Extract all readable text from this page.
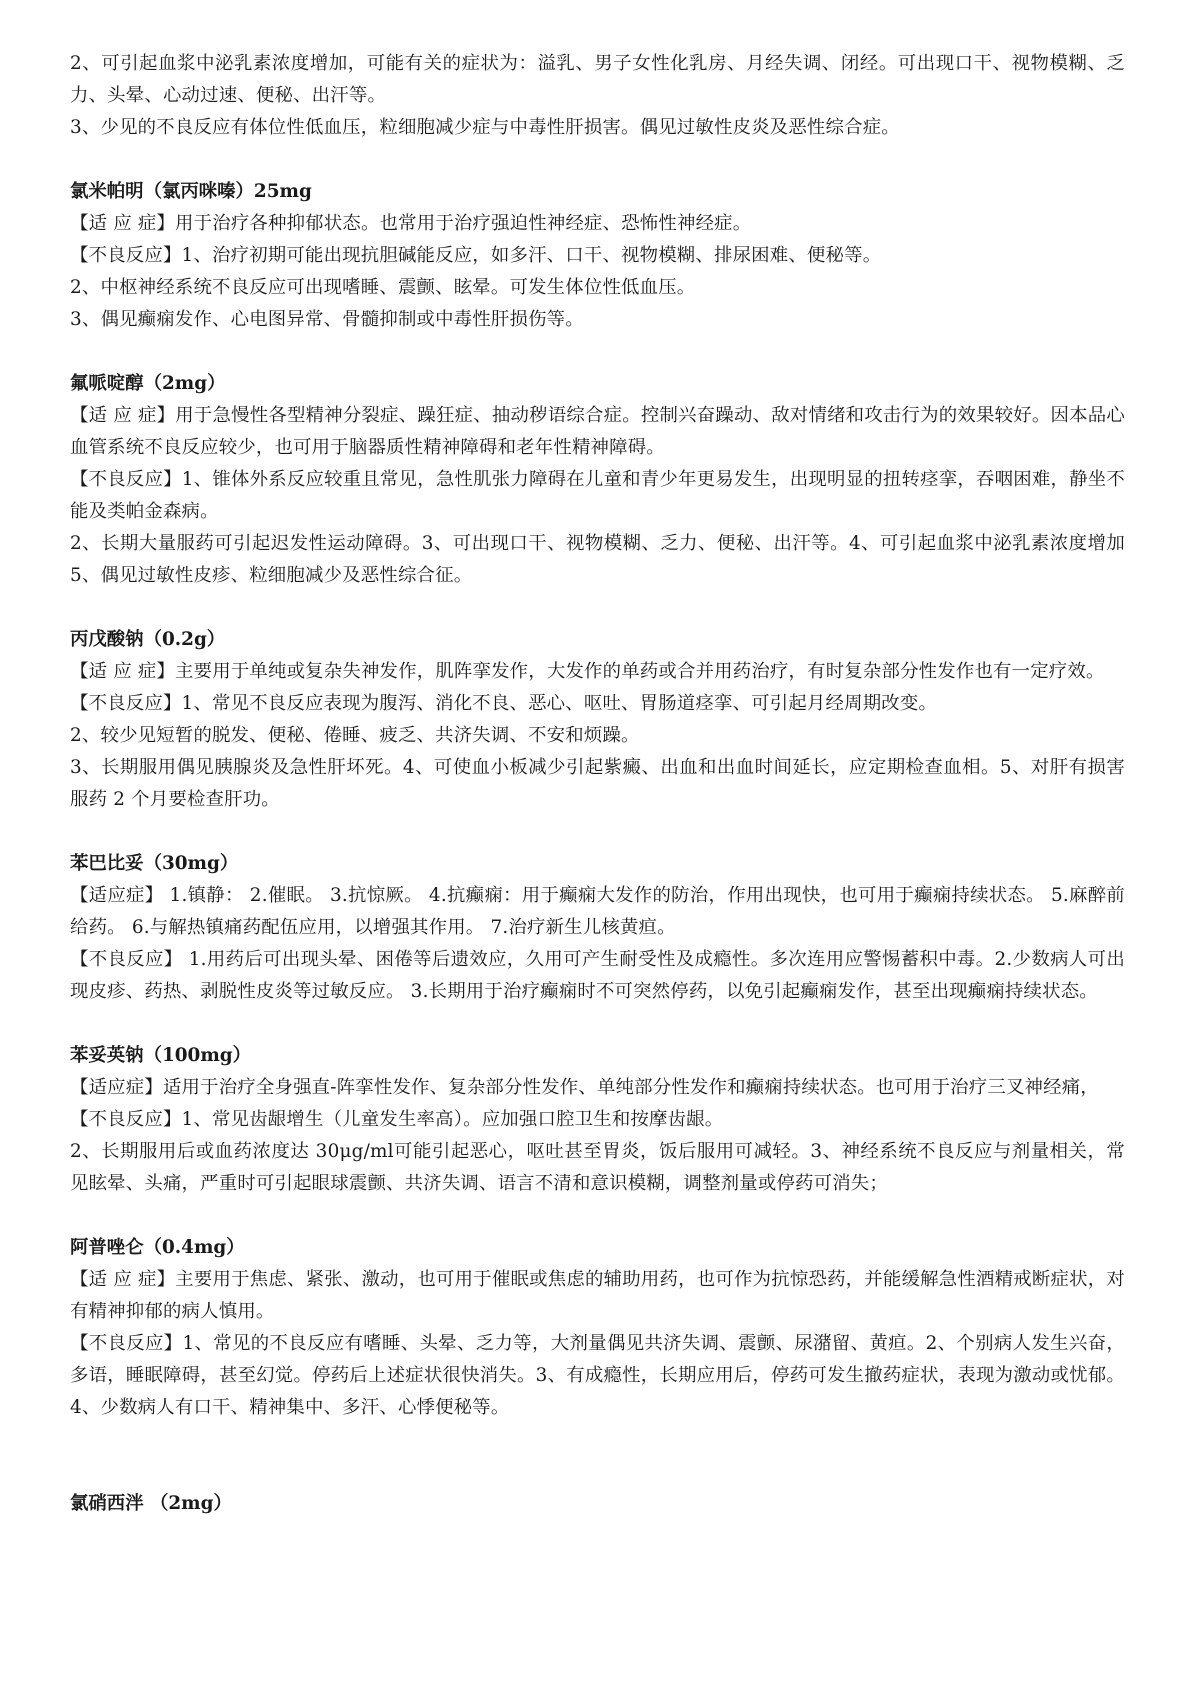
2、可引起血浆中泌乳素浓度增加，可能有关的症状为：溢乳、男子女性化乳房、月经失调、闭经。可出现口干、视物模糊、乏力、头晕、心动过速、便秘、出汗等。

3、少见的不良反应有体位性低血压，粒细胞减少症与中毒性肝损害。偶见过敏性皮炎及恶性综合症。

氯米帕明（氯丙咪嗪）25mg

【适 应 症】用于治疗各种抑郁状态。也常用于治疗强迫性神经症、恐怖性神经症。

【不良反应】1、治疗初期可能出现抗胆碱能反应，如多汗、口干、视物模糊、排尿困难、便秘等。

2、中枢神经系统不良反应可出现嗜睡、震颤、眩晕。可发生体位性低血压。

3、偶见癫痫发作、心电图异常、骨髓抑制或中毒性肝损伤等。

氟哌啶醇（2mg）

【适 应 症】用于急慢性各型精神分裂症、躁狂症、抽动秽语综合症。控制兴奋躁动、敌对情绪和攻击行为的效果较好。因本品心血管系统不良反应较少，也可用于脑器质性精神障碍和老年性精神障碍。

【不良反应】1、锥体外系反应较重且常见，急性肌张力障碍在儿童和青少年更易发生，出现明显的扭转痉挛，吞咽困难，静坐不能及类帕金森病。

2、长期大量服药可引起迟发性运动障碍。3、可出现口干、视物模糊、乏力、便秘、出汗等。4、可引起血浆中泌乳素浓度增加 5、偶见过敏性皮疹、粒细胞减少及恶性综合征。

丙戊酸钠（0.2g）

【适 应 症】主要用于单纯或复杂失神发作，肌阵挛发作，大发作的单药或合并用药治疗，有时复杂部分性发作也有一定疗效。

【不良反应】1、常见不良反应表现为腹泻、消化不良、恶心、呕吐、胃肠道痉挛、可引起月经周期改变。

2、较少见短暂的脱发、便秘、倦睡、疲乏、共济失调、不安和烦躁。

3、长期服用偶见胰腺炎及急性肝坏死。4、可使血小板减少引起紫癜、出血和出血时间延长，应定期检查血相。5、对肝有损害服药 2 个月要检查肝功。

苯巴比妥（30mg）

【适应症】 1.镇静： 2.催眠。 3.抗惊厥。 4.抗癫痫：用于癫痫大发作的防治，作用出现快，也可用于癫痫持续状态。 5.麻醉前给药。 6.与解热镇痛药配伍应用，以增强其作用。 7.治疗新生儿核黄疸。

【不良反应】 1.用药后可出现头晕、困倦等后遗效应，久用可产生耐受性及成瘾性。多次连用应警惕蓄积中毒。2.少数病人可出现皮疹、药热、剥脱性皮炎等过敏反应。 3.长期用于治疗癫痫时不可突然停药，以免引起癫痫发作，甚至出现癫痫持续状态。

苯妥英钠（100mg）

【适应症】适用于治疗全身强直-阵挛性发作、复杂部分性发作、单纯部分性发作和癫痫持续状态。也可用于治疗三叉神经痛，

【不良反应】1、常见齿龈增生（儿童发生率高）。应加强口腔卫生和按摩齿龈。

2、长期服用后或血药浓度达 30μg/ml可能引起恶心，呕吐甚至胃炎，饭后服用可减轻。3、神经系统不良反应与剂量相关，常见眩晕、头痛，严重时可引起眼球震颤、共济失调、语言不清和意识模糊，调整剂量或停药可消失；

阿普唑仑（0.4mg）

【适 应 症】主要用于焦虑、紧张、激动，也可用于催眠或焦虑的辅助用药，也可作为抗惊恐药，并能缓解急性酒精戒断症状，对有精神抑郁的病人慎用。

【不良反应】1、常见的不良反应有嗜睡、头晕、乏力等，大剂量偶见共济失调、震颤、尿潴留、黄疸。2、个别病人发生兴奋，多语，睡眠障碍，甚至幻觉。停药后上述症状很快消失。3、有成瘾性，长期应用后，停药可发生撤药症状，表现为激动或忧郁。4、少数病人有口干、精神集中、多汗、心悸便秘等。

氯硝西泮 （2mg）
